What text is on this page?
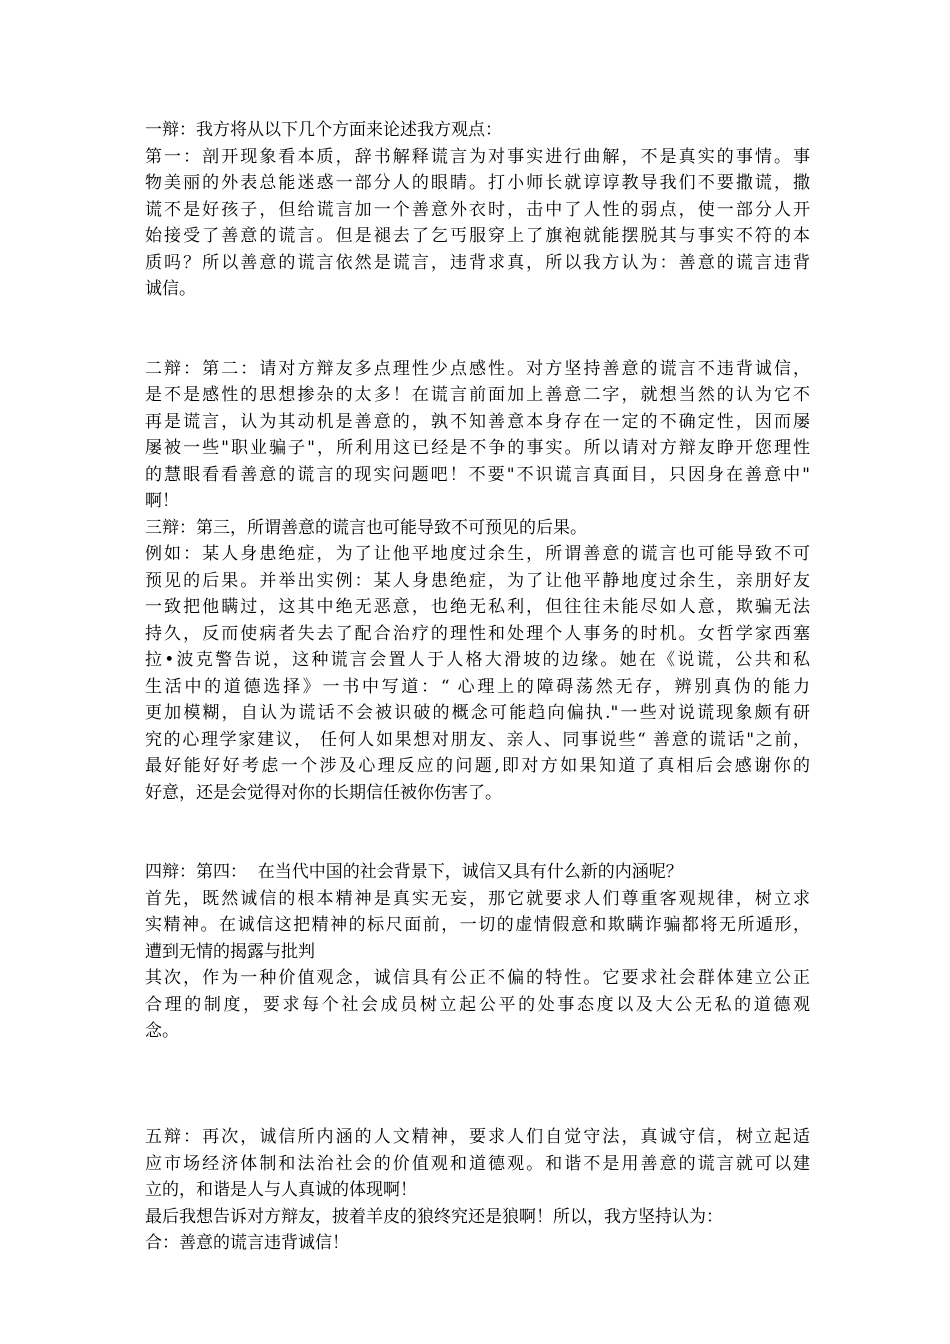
一辩：我方将从以下几个方面来论述我方观点：
第一：剖开现象看本质，辞书解释谎言为对事实进行曲解，不是真实的事情。事
物美丽的外表总能迷惑一部分人的眼睛。打小师长就谆谆教导我们不要撒谎，撒
谎不是好孩子，但给谎言加一个善意外衣时，击中了人性的弱点，使一部分人开
始接受了善意的谎言。但是褪去了乞丐服穿上了旗袍就能摆脱其与事实不符的本
质吗？所以善意的谎言依然是谎言，违背求真，所以我方认为：善意的谎言违背
诚信。
二辩：第二：请对方辩友多点理性少点感性。对方坚持善意的谎言不违背诚信，
是不是感性的思想掺杂的太多！在谎言前面加上善意二字，就想当然的认为它不
再是谎言，认为其动机是善意的，孰不知善意本身存在一定的不确定性，因而屡
屡被一些"职业骗子"，所利用这已经是不争的事实。所以请对方辩友睁开您理性
的慧眼看看善意的谎言的现实问题吧！不要"不识谎言真面目，只因身在善意中"
啊！
三辩：第三，所谓善意的谎言也可能导致不可预见的后果。
例如：某人身患绝症，为了让他平地度过余生，所谓善意的谎言也可能导致不可
预见的后果。并举出实例：某人身患绝症，为了让他平静地度过余生，亲朋好友
一致把他瞒过，这其中绝无恶意，也绝无私利，但往往未能尽如人意，欺骗无法
持久，反而使病者失去了配合治疗的理性和处理个人事务的时机。女哲学家西塞
拉•波克警告说，这种谎言会置人于人格大滑坡的边缘。她在《说谎，公共和私
生活中的道德选择》一书中写道：“ 心理上的障碍荡然无存，辨别真伪的能力
更加模糊，自认为谎话不会被识破的概念可能趋向偏执."一些对说谎现象颇有研
究的心理学家建议， 任何人如果想对朋友、亲人、同事说些“ 善意的谎话"之前，
最好能好好考虑一个涉及心理反应的问题,即对方如果知道了真相后会感谢你的
好意，还是会觉得对你的长期信任被你伤害了。
四辩：第四：  在当代中国的社会背景下，诚信又具有什么新的内涵呢？
首先，既然诚信的根本精神是真实无妄，那它就要求人们尊重客观规律，树立求
实精神。在诚信这把精神的标尺面前，一切的虚情假意和欺瞒诈骗都将无所遁形，
遭到无情的揭露与批判
其次，作为一种价值观念，诚信具有公正不偏的特性。它要求社会群体建立公正
合理的制度，要求每个社会成员树立起公平的处事态度以及大公无私的道德观
念。
五辩：再次，诚信所内涵的人文精神，要求人们自觉守法，真诚守信，树立起适
应市场经济体制和法治社会的价值观和道德观。和谐不是用善意的谎言就可以建
立的，和谐是人与人真诚的体现啊！
最后我想告诉对方辩友，披着羊皮的狼终究还是狼啊！所以，我方坚持认为：
合：善意的谎言违背诚信！
